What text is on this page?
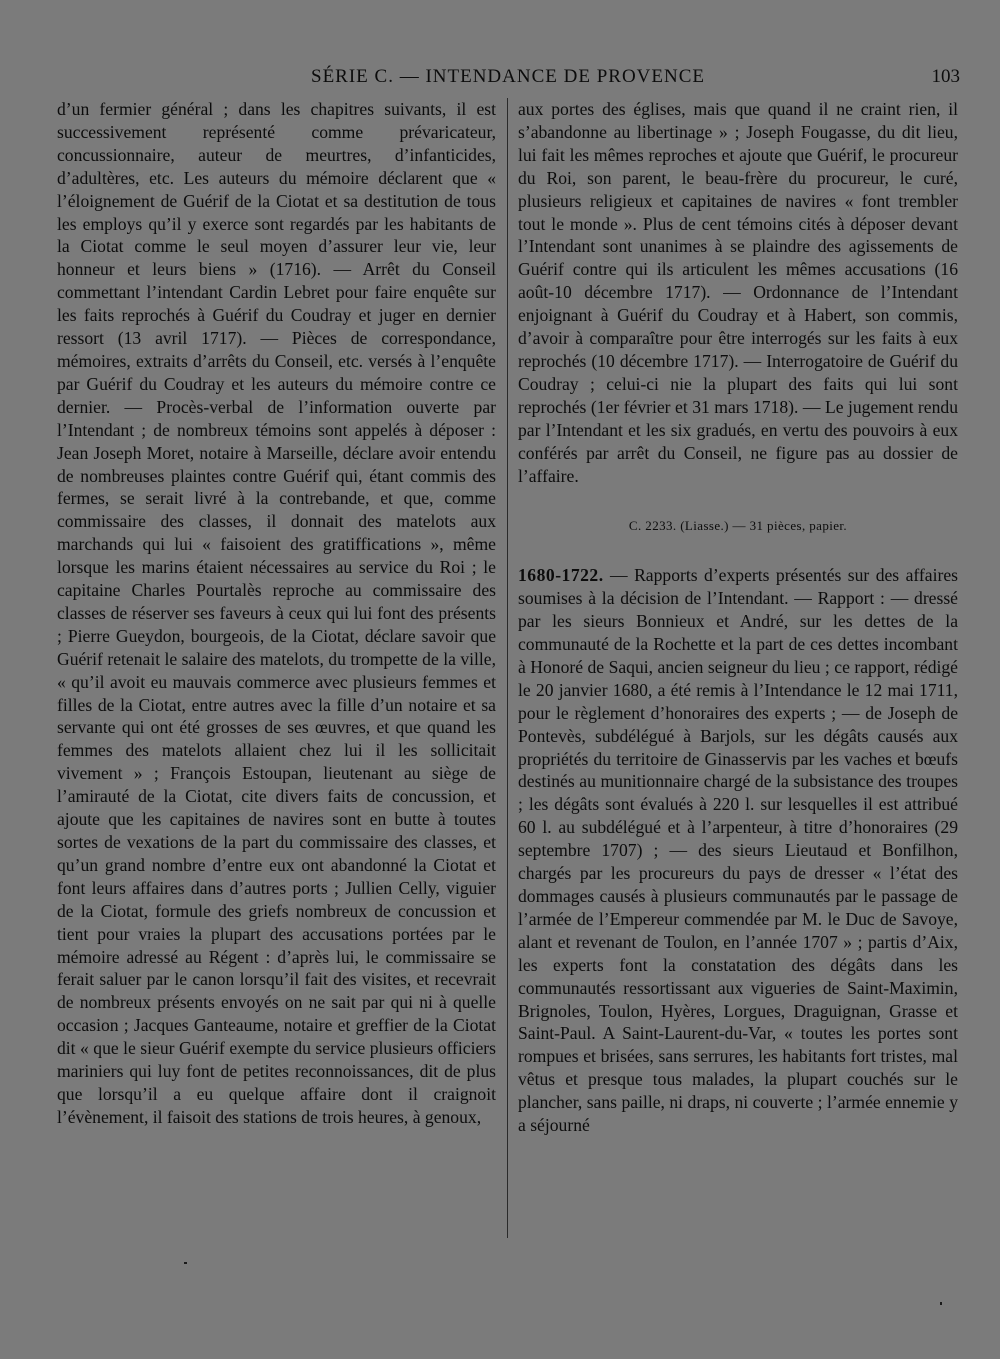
SÉRIE C. — INTENDANCE DE PROVENCE	103

d’un fermier général ; dans les chapitres suivants, il est successivement représenté comme prévaricateur, concussionnaire, auteur de meurtres, d’infanticides, d’adultères, etc. Les auteurs du mémoire déclarent que « l’éloignement de Guérif de la Ciotat et sa destitution de tous les employs qu’il y exerce sont regardés par les habitants de la Ciotat comme le seul moyen d’assurer leur vie, leur honneur et leurs biens » (1716). — Arrêt du Conseil commettant l’intendant Cardin Lebret pour faire enquête sur les faits reprochés à Guérif du Coudray et juger en dernier ressort (13 avril 1717). — Pièces de correspondance, mémoires, extraits d’arrêts du Conseil, etc. versés à l’enquête par Guérif du Coudray et les auteurs du mémoire contre ce dernier. — Procès-verbal de l’information ouverte par l’Intendant ; de nombreux témoins sont appelés à déposer : Jean Joseph Moret, notaire à Marseille, déclare avoir entendu de nombreuses plaintes contre Guérif qui, étant commis des fermes, se serait livré à la contrebande, et que, comme commissaire des classes, il donnait des matelots aux marchands qui lui « faisoient des gratiffications », même lorsque les marins étaient nécessaires au service du Roi ; le capitaine Charles Pourtalès reproche au commissaire des classes de réserver ses faveurs à ceux qui lui font des présents ; Pierre Gueydon, bourgeois, de la Ciotat, déclare savoir que Guérif retenait le salaire des matelots, du trompette de la ville, « qu’il avoit eu mauvais commerce avec plusieurs femmes et filles de la Ciotat, entre autres avec la fille d’un notaire et sa servante qui ont été grosses de ses œuvres, et que quand les femmes des matelots allaient chez lui il les sollicitait vivement » ; François Estoupan, lieutenant au siège de l’amirauté de la Ciotat, cite divers faits de concussion, et ajoute que les capitaines de navires sont en butte à toutes sortes de vexations de la part du commissaire des classes, et qu’un grand nombre d’entre eux ont abandonné la Ciotat et font leurs affaires dans d’autres ports ; Jullien Celly, viguier de la Ciotat, formule des griefs nombreux de concussion et tient pour vraies la plupart des accusations portées par le mémoire adressé au Régent : d’après lui, le commissaire se ferait saluer par le canon lorsqu’il fait des visites, et recevrait de nombreux présents envoyés on ne sait par qui ni à quelle occasion ; Jacques Ganteaume, notaire et greffier de la Ciotat dit « que le sieur Guérif exempte du service plusieurs officiers mariniers qui luy font de petites reconnoissances, dit de plus que lorsqu’il a eu quelque affaire dont il craignoit l’évènement, il faisoit des stations de trois heures, à genoux,

aux portes des églises, mais que quand il ne craint rien, il s’abandonne au libertinage » ; Joseph Fougasse, du dit lieu, lui fait les mêmes reproches et ajoute que Guérif, le procureur du Roi, son parent, le beau-frère du procureur, le curé, plusieurs religieux et capitaines de navires « font trembler tout le monde ». Plus de cent témoins cités à déposer devant l’Intendant sont unanimes à se plaindre des agissements de Guérif contre qui ils articulent les mêmes accusations (16 août-10 décembre 1717). — Ordonnance de l’Intendant enjoignant à Guérif du Coudray et à Habert, son commis, d’avoir à comparaître pour être interrogés sur les faits à eux reprochés (10 décembre 1717). — Interrogatoire de Guérif du Coudray ; celui-ci nie la plupart des faits qui lui sont reprochés (1er février et 31 mars 1718). — Le jugement rendu par l’Intendant et les six gradués, en vertu des pouvoirs à eux conférés par arrêt du Conseil, ne figure pas au dossier de l’affaire.

C. 2233. (Liasse.) — 31 pièces, papier.

1680-1722. — Rapports d’experts présentés sur des affaires soumises à la décision de l’Intendant. — Rapport : — dressé par les sieurs Bonnieux et André, sur les dettes de la communauté de la Rochette et la part de ces dettes incombant à Honoré de Saqui, ancien seigneur du lieu ; ce rapport, rédigé le 20 janvier 1680, a été remis à l’Intendance le 12 mai 1711, pour le règlement d’honoraires des experts ; — de Joseph de Pontevès, subdélégué à Barjols, sur les dégâts causés aux propriétés du territoire de Ginasservis par les vaches et bœufs destinés au munitionnaire chargé de la subsistance des troupes ; les dégâts sont évalués à 220 l. sur lesquelles il est attribué 60 l. au subdélégué et à l’arpenteur, à titre d’honoraires (29 septembre 1707) ; — des sieurs Lieutaud et Bonfilhon, chargés par les procureurs du pays de dresser « l’état des dommages causés à plusieurs communautés par le passage de l’armée de l’Empereur commendée par M. le Duc de Savoye, alant et revenant de Toulon, en l’année 1707 » ; partis d’Aix, les experts font la constatation des dégâts dans les communautés ressortissant aux vigueries de Saint-Maximin, Brignoles, Toulon, Hyères, Lorgues, Draguignan, Grasse et Saint-Paul. A Saint-Laurent-du-Var, « toutes les portes sont rompues et brisées, sans serrures, les habitants fort tristes, mal vêtus et presque tous malades, la plupart couchés sur le plancher, sans paille, ni draps, ni couverte ; l’armée ennemie y a séjourné
